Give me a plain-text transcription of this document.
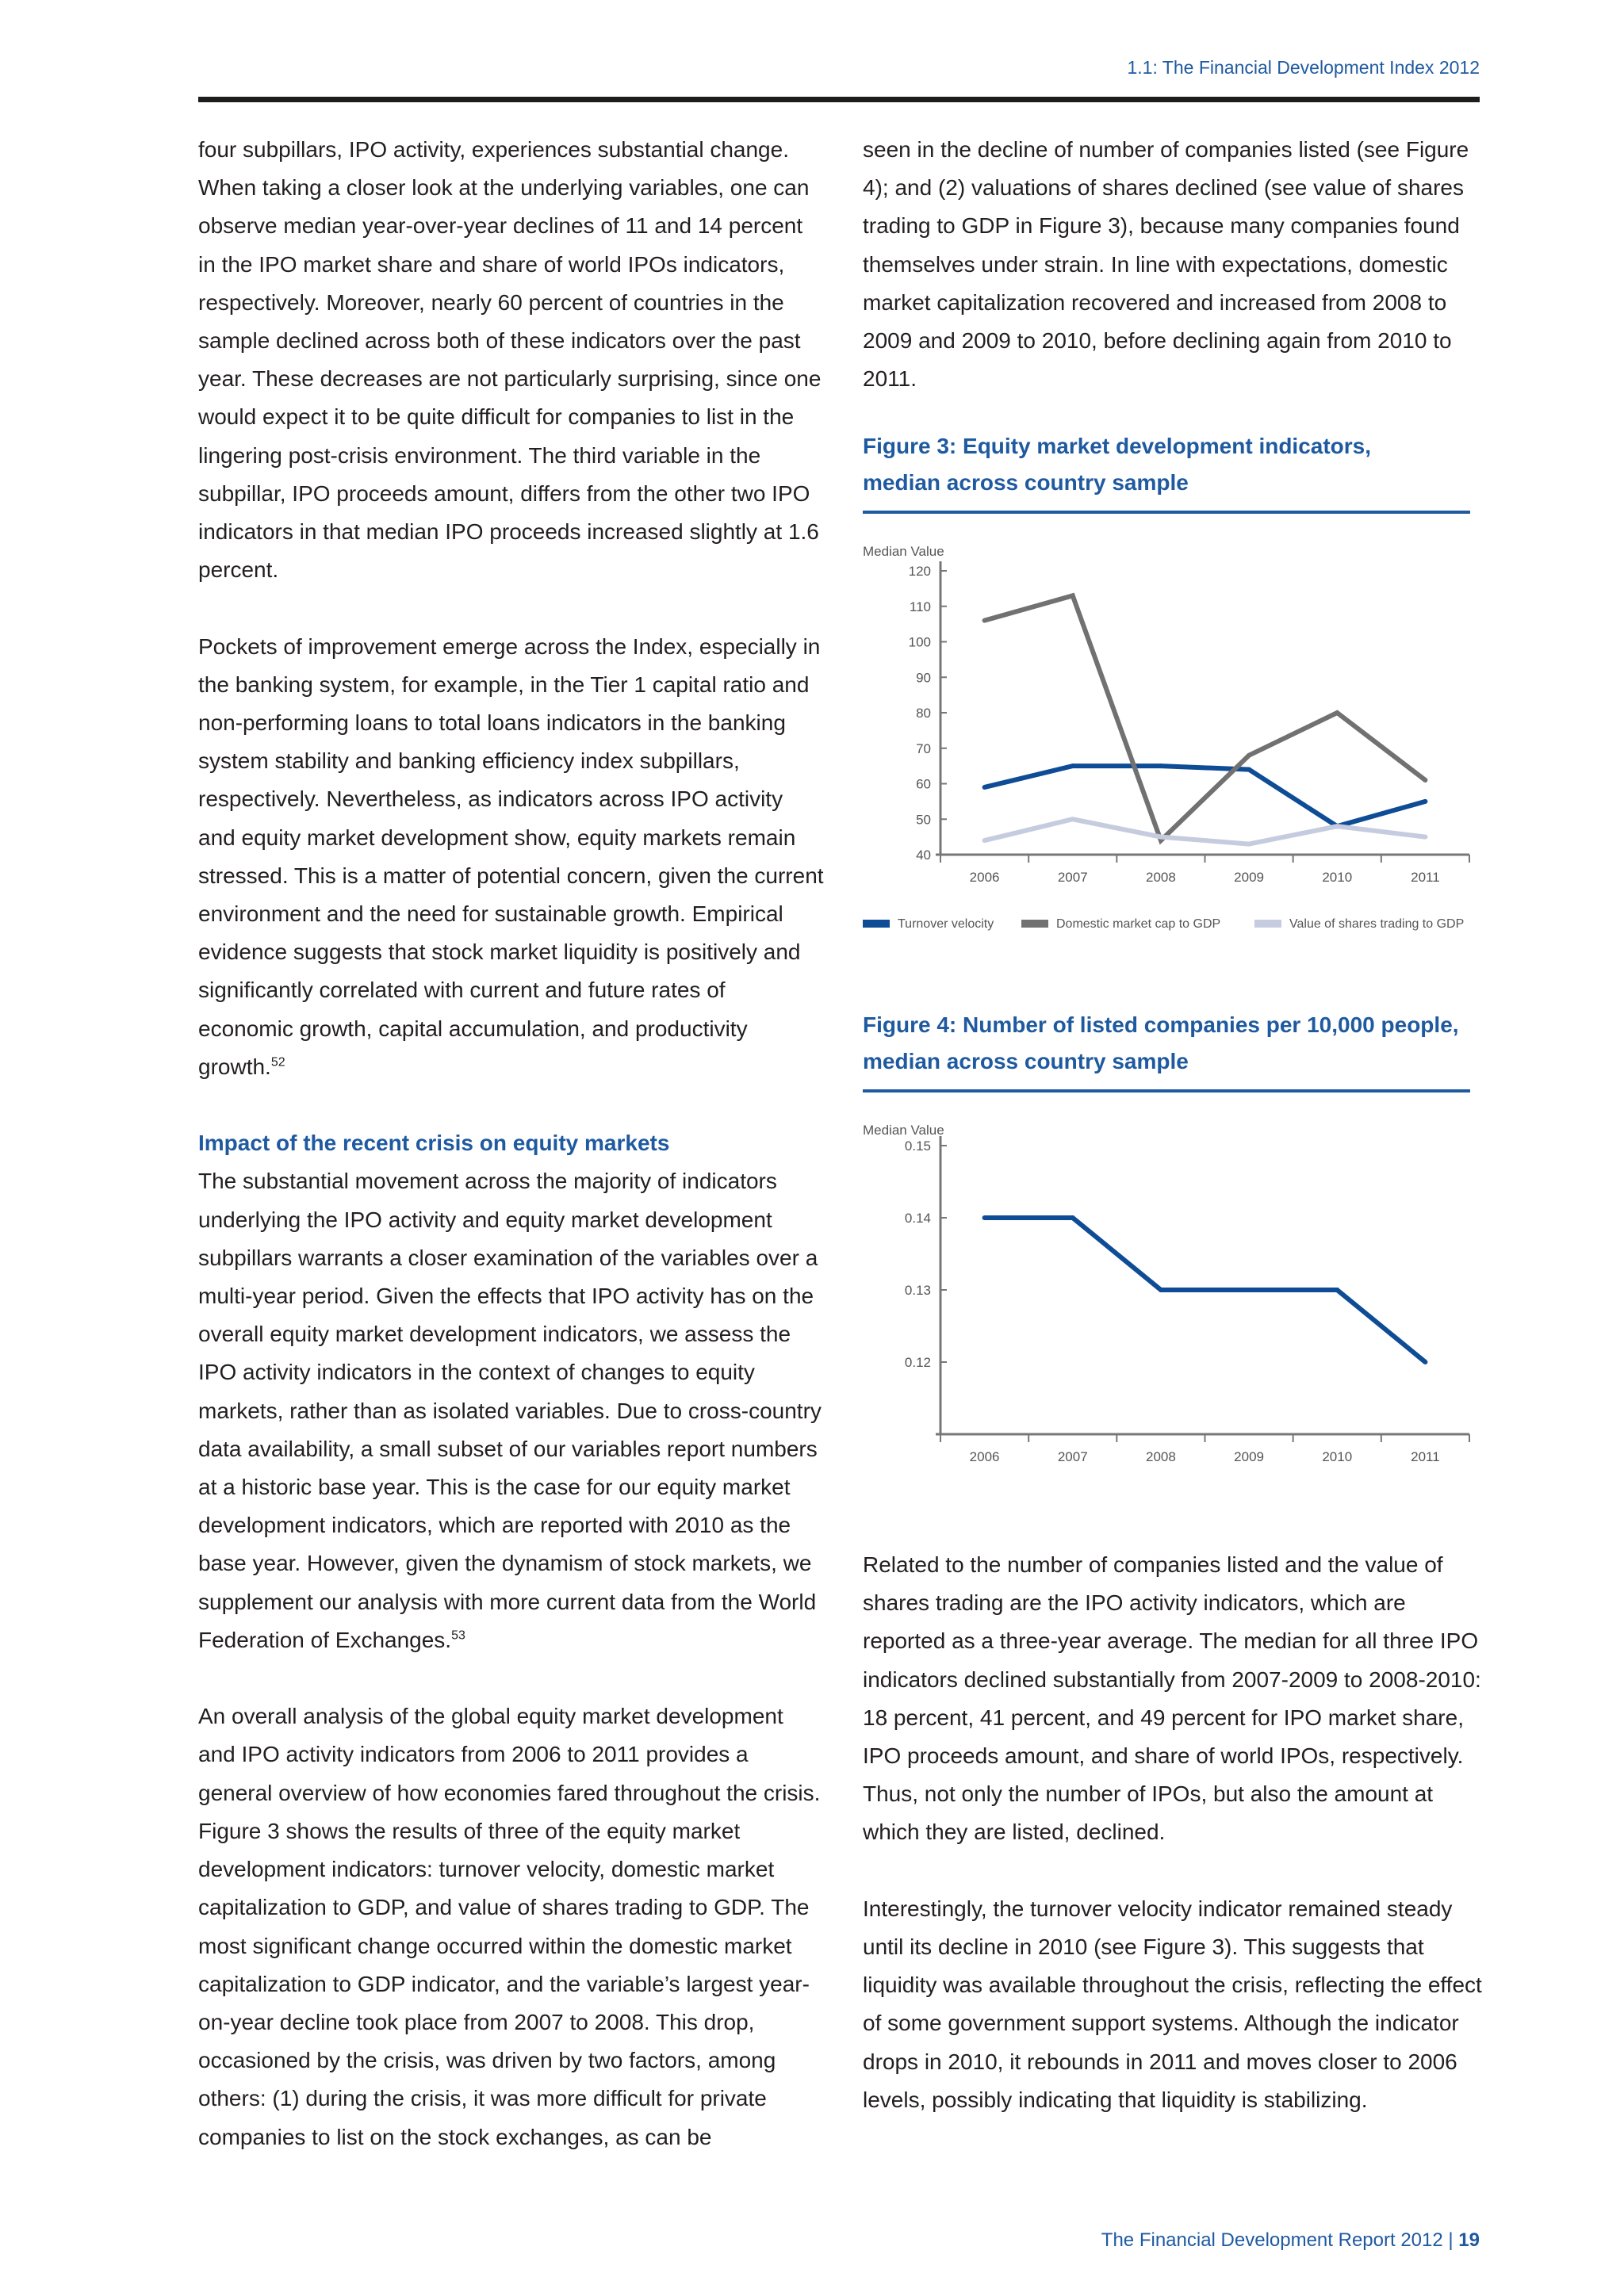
1.1: The Financial Development Index 2012

four subpillars, IPO activity, experiences substantial change. When taking a closer look at the underlying variables, one can observe median year-over-year declines of 11 and 14 percent in the IPO market share and share of world IPOs indicators, respectively. Moreover, nearly 60 percent of countries in the sample declined across both of these indicators over the past year. These decreases are not particularly surprising, since one would expect it to be quite difficult for companies to list in the lingering post-crisis environment. The third variable in the subpillar, IPO proceeds amount, differs from the other two IPO indicators in that median IPO proceeds increased slightly at 1.6 percent.

Pockets of improvement emerge across the Index, especially in the banking system, for example, in the Tier 1 capital ratio and non-performing loans to total loans indicators in the banking system stability and banking efficiency index subpillars, respectively. Nevertheless, as indicators across IPO activity and equity market development show, equity markets remain stressed. This is a matter of potential concern, given the current environment and the need for sustainable growth. Empirical evidence suggests that stock market liquidity is positively and significantly correlated with current and future rates of economic growth, capital accumulation, and productivity growth.$^{52}$

Impact of the recent crisis on equity markets

The substantial movement across the majority of indicators underlying the IPO activity and equity market development subpillars warrants a closer examination of the variables over a multi-year period. Given the effects that IPO activity has on the overall equity market development indicators, we assess the IPO activity indicators in the context of changes to equity markets, rather than as isolated variables. Due to cross-country data availability, a small subset of our variables report numbers at a historic base year. This is the case for our equity market development indicators, which are reported with 2010 as the base year. However, given the dynamism of stock markets, we supplement our analysis with more current data from the World Federation of Exchanges.$^{53}$

An overall analysis of the global equity market development and IPO activity indicators from 2006 to 2011 provides a general overview of how economies fared throughout the crisis. Figure 3 shows the results of three of the equity market development indicators: turnover velocity, domestic market capitalization to GDP, and value of shares trading to GDP. The most significant change occurred within the domestic market capitalization to GDP indicator, and the variable’s largest year-on-year decline took place from 2007 to 2008. This drop, occasioned by the crisis, was driven by two factors, among others: (1) during the crisis, it was more difficult for private companies to list on the stock exchanges, as can be

seen in the decline of number of companies listed (see Figure 4); and (2) valuations of shares declined (see value of shares trading to GDP in Figure 3), because many companies found themselves under strain. In line with expectations, domestic market capitalization recovered and increased from 2008 to 2009 and 2009 to 2010, before declining again from 2010 to 2011.

Figure 3: Equity market development indicators,
median across country sample
Median Value
120
110
100
90
80
70
60
50
40
2006	2007	2008	2009	2010	2011
Turnover velocity	Domestic market cap to GDP	Value of shares trading to GDP
Figure 4: Number of listed companies per 10,000 people,
median across country sample
Median Value
0.15
0.14
0.13
0.12
2006	2007	2008	2009	2010	2011

Related to the number of companies listed and the value of shares trading are the IPO activity indicators, which are reported as a three-year average. The median for all three IPO indicators declined substantially from 2007-2009 to 2008-2010: 18 percent, 41 percent, and 49 percent for IPO market share, IPO proceeds amount, and share of world IPOs, respectively. Thus, not only the number of IPOs, but also the amount at which they are listed, declined.

Interestingly, the turnover velocity indicator remained steady until its decline in 2010 (see Figure 3). This suggests that liquidity was available throughout the crisis, reflecting the effect of some government support systems. Although the indicator drops in 2010, it rebounds in 2011 and moves closer to 2006 levels, possibly indicating that liquidity is stabilizing.

The Financial Development Report 2012 | 19
